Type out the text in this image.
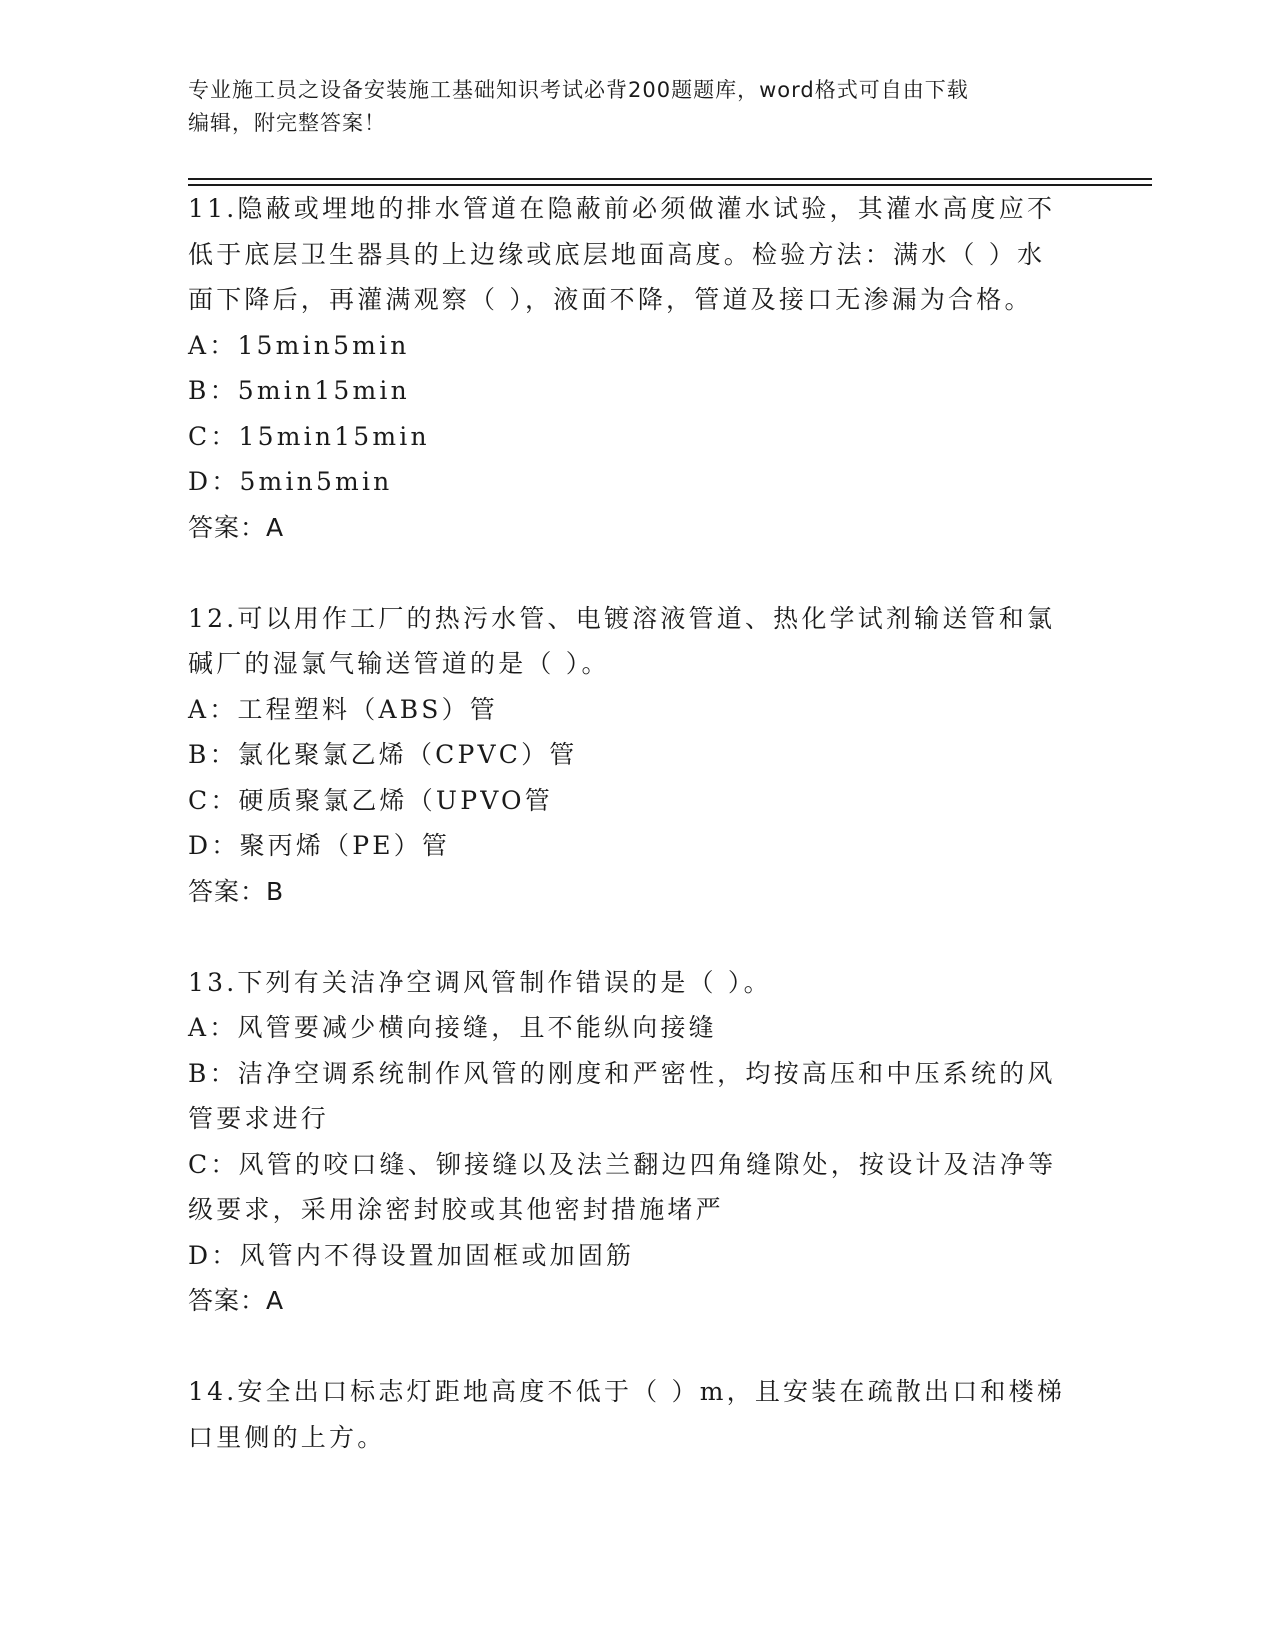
专业施工员之设备安装施工基础知识考试必背200题题库，word格式可自由下载
编辑，附完整答案！
11.隐蔽或埋地的排水管道在隐蔽前必须做灌水试验，其灌水高度应不
低于底层卫生器具的上边缘或底层地面高度。检验方法：满水（ ）水
面下降后，再灌满观察（ ），液面不降，管道及接口无渗漏为合格。
A：15min5min
B：5min15min
C：15min15min
D：5min5min
答案：A
12.可以用作工厂的热污水管、电镀溶液管道、热化学试剂输送管和氯
碱厂的湿氯气输送管道的是（ ）。
A：工程塑料（ABS）管
B：氯化聚氯乙烯（CPVC）管
C：硬质聚氯乙烯（UPVO管
D：聚丙烯（PE）管
答案：B
13.下列有关洁净空调风管制作错误的是（ ）。
A：风管要减少横向接缝，且不能纵向接缝
B：洁净空调系统制作风管的刚度和严密性，均按高压和中压系统的风
管要求进行
C：风管的咬口缝、铆接缝以及法兰翻边四角缝隙处，按设计及洁净等
级要求，采用涂密封胶或其他密封措施堵严
D：风管内不得设置加固框或加固筋
答案：A
14.安全出口标志灯距地高度不低于（ ）m，且安装在疏散出口和楼梯
口里侧的上方。
